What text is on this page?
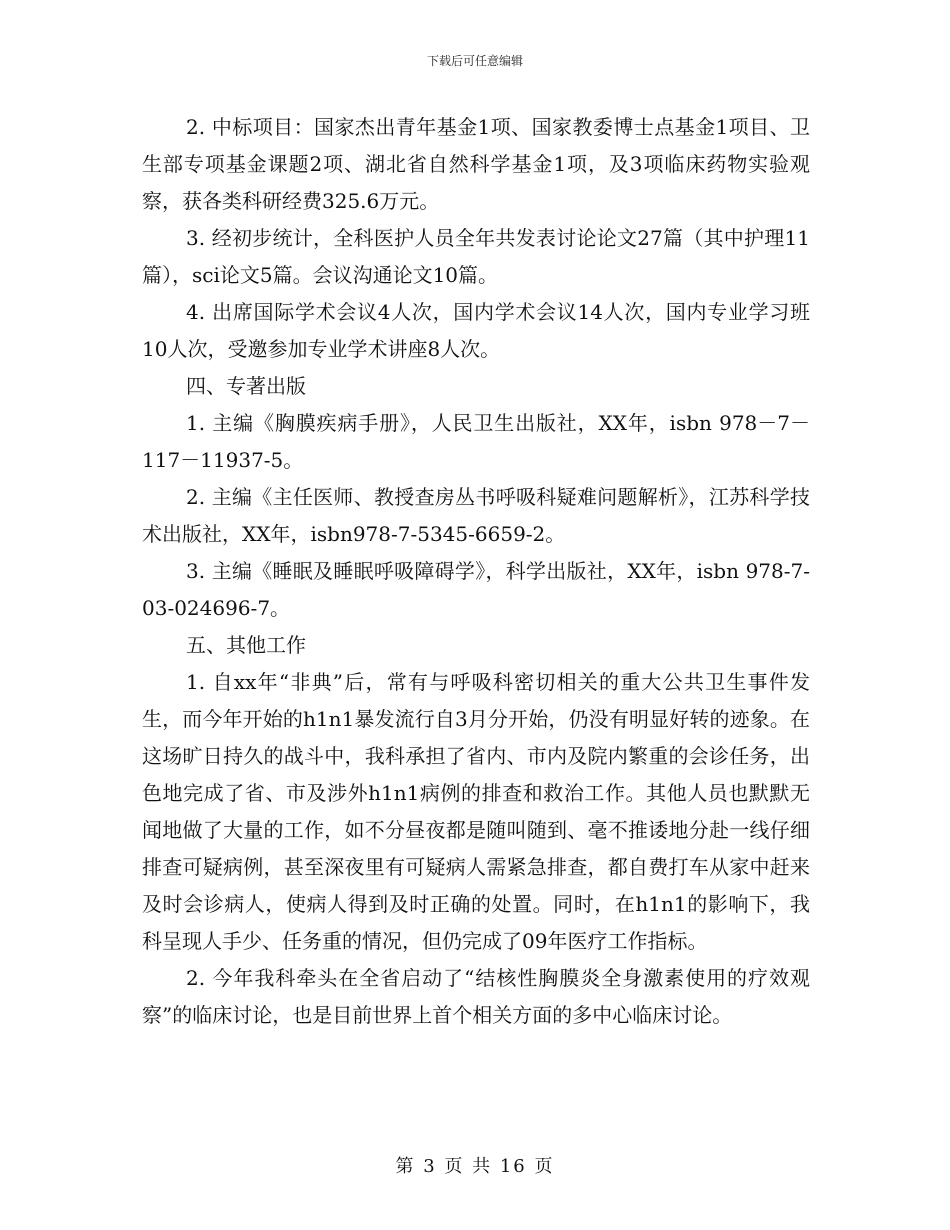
下载后可任意编辑

2. 中标项目：国家杰出青年基金1项、国家教委博士点基金1项目、卫生部专项基金课题2项、湖北省自然科学基金1项，及3项临床药物实验观察，获各类科研经费325.6万元。

3. 经初步统计，全科医护人员全年共发表讨论论文27篇（其中护理11篇），sci论文5篇。会议沟通论文10篇。

4. 出席国际学术会议4人次，国内学术会议14人次，国内专业学习班10人次，受邀参加专业学术讲座8人次。

四、专著出版

1. 主编《胸膜疾病手册》，人民卫生出版社，XX年，isbn 978－7－117－11937-5。

2. 主编《主任医师、教授查房丛书呼吸科疑难问题解析》，江苏科学技术出版社，XX年，isbn978-7-5345-6659-2。

3. 主编《睡眠及睡眠呼吸障碍学》，科学出版社，XX年，isbn 978-7-03-024696-7。

五、其他工作

1. 自xx年“非典”后，常有与呼吸科密切相关的重大公共卫生事件发生，而今年开始的h1n1暴发流行自3月分开始，仍没有明显好转的迹象。在这场旷日持久的战斗中，我科承担了省内、市内及院内繁重的会诊任务，出色地完成了省、市及涉外h1n1病例的排查和救治工作。其他人员也默默无闻地做了大量的工作，如不分昼夜都是随叫随到、毫不推诿地分赴一线仔细排查可疑病例，甚至深夜里有可疑病人需紧急排查，都自费打车从家中赶来及时会诊病人，使病人得到及时正确的处置。同时，在h1n1的影响下，我科呈现人手少、任务重的情况，但仍完成了09年医疗工作指标。

2. 今年我科牵头在全省启动了“结核性胸膜炎全身激素使用的疗效观察”的临床讨论，也是目前世界上首个相关方面的多中心临床讨论。

第 3 页 共 16 页
